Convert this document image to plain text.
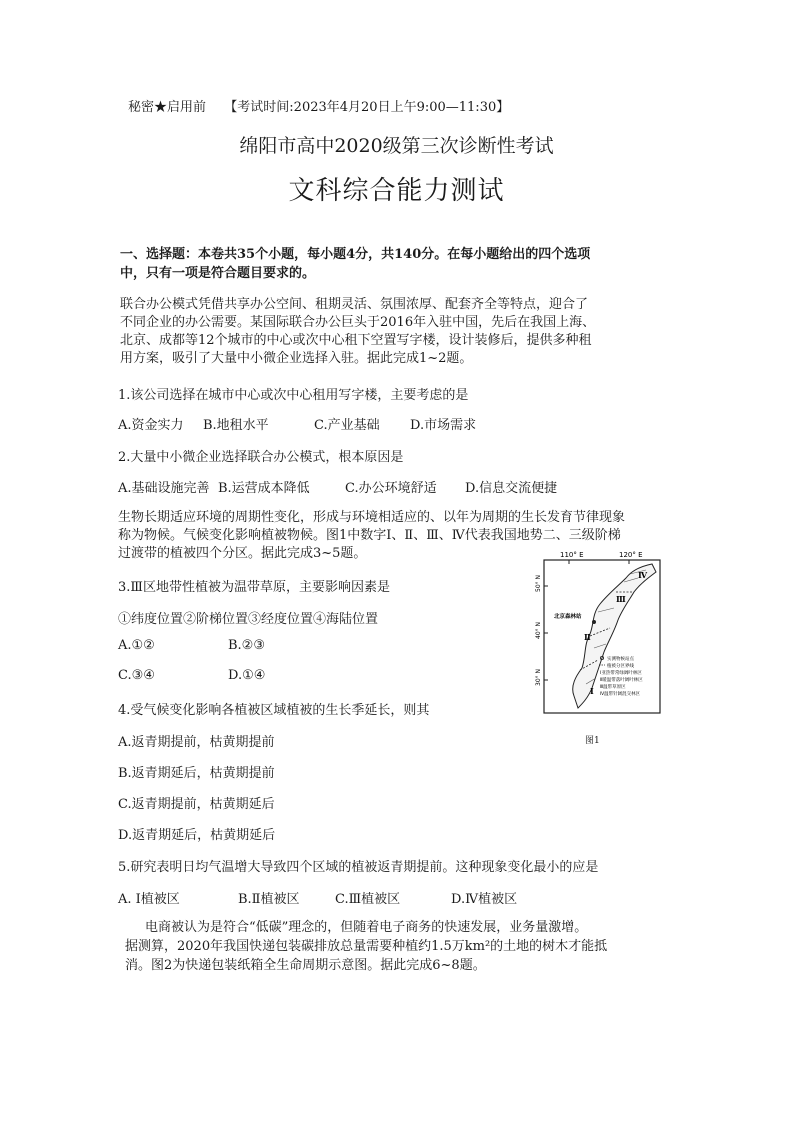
秘密★启用前 【考试时间:2023年4月20日上午9:00—11:30】
绵阳市高中2020级第三次诊断性考试
文科综合能力测试
一、选择题：本卷共35个小题，每小题4分，共140分。在每小题给出的四个选项
中，只有一项是符合题目要求的。
联合办公模式凭借共享办公空间、租期灵活、氛围浓厚、配套齐全等特点，迎合了
不同企业的办公需要。某国际联合办公巨头于2016年入驻中国，先后在我国上海、
北京、成都等12个城市的中心或次中心租下空置写字楼，设计装修后，提供多种租
用方案，吸引了大量中小微企业选择入驻。据此完成1~2题。
1.该公司选择在城市中心或次中心租用写字楼，主要考虑的是
A.资金实力 B.地租水平	C.产业基础 D.市场需求
2.大量中小微企业选择联合办公模式，根本原因是
A.基础设施完善 B.运营成本降低	C.办公环境舒适 D.信息交流便捷
生物长期适应环境的周期性变化，形成与环境相适应的、以年为周期的生长发育节律现象
称为物候。气候变化影响植被物候。图1中数字Ⅰ、Ⅱ、Ⅲ、Ⅳ代表我国地势二、三级阶梯
过渡带的植被四个分区。据此完成3~5题。
3.Ⅲ区地带性植被为温带草原，主要影响因素是
①纬度位置②阶梯位置③经度位置④海陆位置
A.①②	B.②③
C.③④	D.①④
4.受气候变化影响各植被区域植被的生长季延长，则其
A.返青期提前，枯黄期提前
B.返青期延后，枯黄期提前
C.返青期提前，枯黄期延后
D.返青期延后，枯黄期延后
5.研究表明日均气温增大导致四个区域的植被返青期提前。这种现象变化最小的应是
A. Ⅰ植被区	B.Ⅱ植被区	C.Ⅲ植被区	D.Ⅳ植被区
电商被认为是符合“低碳”理念的，但随着电子商务的快速发展，业务量激增。
据测算，2020年我国快递包装碳排放总量需要种植约1.5万km²的土地的树木才能抵
消。图2为快递包装纸箱全生命周期示意图。据此完成6~8题。
110° E	120° E
50° N
40° N
30° N
Ⅰ
Ⅱ
Ⅲ
Ⅳ
北京森林站
实测物候站点
植被分区界线
Ⅰ亚热带常绿阔叶林区
Ⅱ暖温带落叶阔叶林区
Ⅲ温带草原区
Ⅳ温带针阔混交林区
图1
